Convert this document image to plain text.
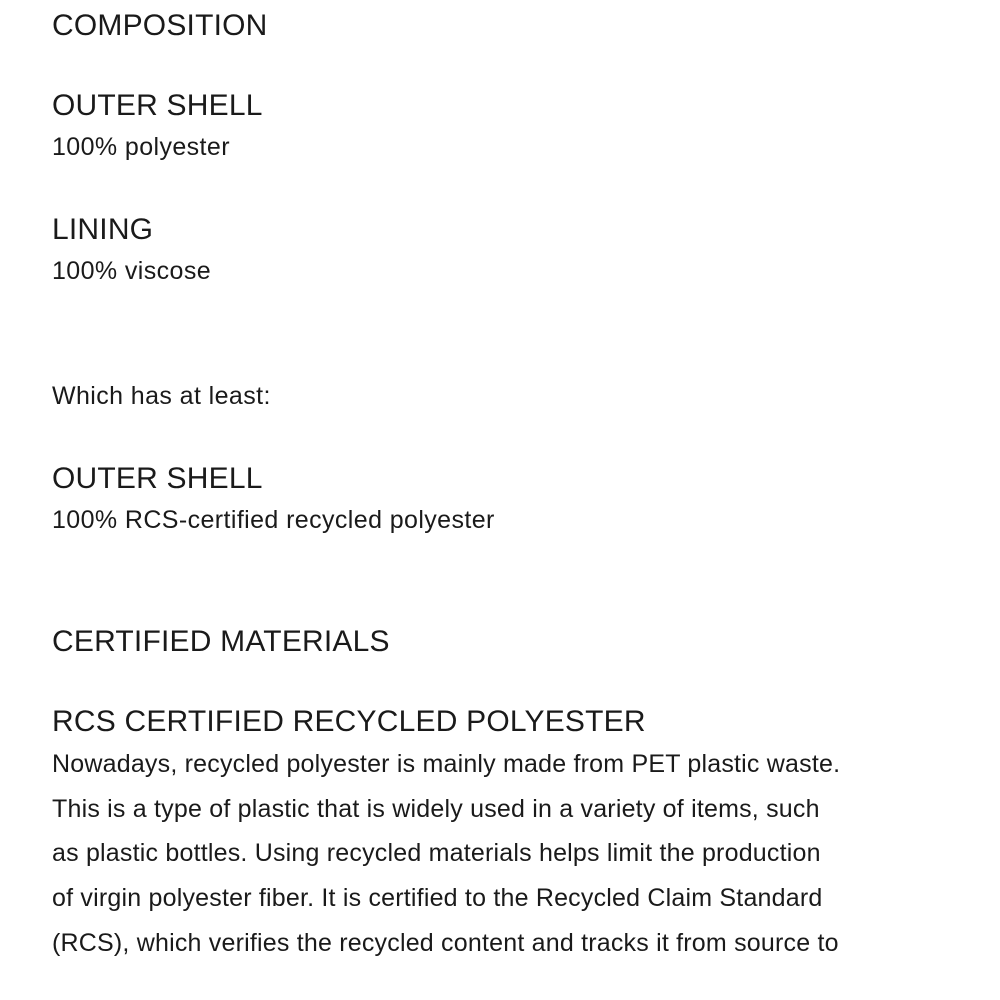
COMPOSITION
OUTER SHELL
100% polyester
LINING
100% viscose
Which has at least:
OUTER SHELL
100% RCS-certified recycled polyester
CERTIFIED MATERIALS
RCS CERTIFIED RECYCLED POLYESTER
Nowadays, recycled polyester is mainly made from PET plastic waste.
This is a type of plastic that is widely used in a variety of items, such
as plastic bottles. Using recycled materials helps limit the production
of virgin polyester fiber. It is certified to the Recycled Claim Standard
(RCS), which verifies the recycled content and tracks it from source to
